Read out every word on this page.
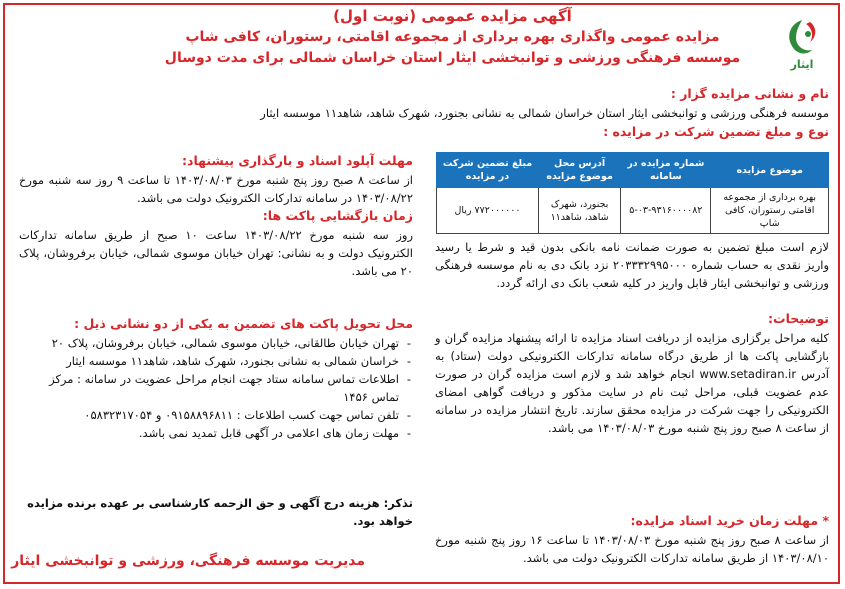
ایثار
آگهی مزایده عمومی (نوبت اول)
مزایده عمومی واگذاری بهره برداری از مجموعه اقامتی، رستوران، کافی شاپ
موسسه فرهنگی ورزشی و توانبخشی ایثار استان خراسان شمالی برای مدت دوسال
نام و نشانی مزایده گزار :
موسسه فرهنگی ورزشی و توانبخشی ایثار استان خراسان شمالی به نشانی بجنورد، شهرک شاهد، شاهد۱۱ موسسه ایثار
نوع و مبلغ تضمین شرکت در مزایده :
موضوع مزایده	شماره مزایده در سامانه	آدرس محل موضوع مزایده	مبلغ تضمین شرکت در مزایده
بهره برداری از مجموعه اقامتی رستوران، کافی شاپ	۵-۰۳-۹۳۱۶۰۰۰۰۸۲	بجنورد، شهرک شاهد، شاهد۱۱	۷۷۲۰۰۰۰۰۰ ریال
لازم است مبلغ تضمین به صورت ضمانت نامه بانکی بدون قید و شرط یا رسید واریز نقدی به حساب شماره ۲۰۳۳۳۲۹۹۵۰۰۰ نزد بانک دی به نام موسسه فرهنگی ورزشی و توانبخشی ایثار قابل واریز در کلیه شعب بانک دی ارائه گردد.
توضیحات:
کلیه مراحل برگزاری مزایده از دریافت اسناد مزایده تا ارائه پیشنهاد مزایده گران و بازگشایی پاکت ها از طریق درگاه سامانه تدارکات الکترونیکی دولت (ستاد) به آدرس www.setadiran.ir انجام خواهد شد و لازم است مزایده گران در صورت عدم عضویت قبلی، مراحل ثبت نام در سایت مذکور و دریافت گواهی امضای الکترونیکی را جهت شرکت در مزایده محقق سازند. تاریخ انتشار مزایده در سامانه از ساعت ۸ صبح روز پنج شنبه مورخ ۱۴۰۳/۰۸/۰۳ می باشد.
* مهلت زمان خرید اسناد مزایده:
از ساعت ۸ صبح روز پنج شنبه مورخ ۱۴۰۳/۰۸/۰۳ تا ساعت ۱۶ روز پنج شنبه مورخ ۱۴۰۳/۰۸/۱۰ از طریق سامانه تدارکات الکترونیک دولت می باشد.
مهلت آپلود اسناد و بارگذاری پیشنهاد:
از ساعت ۸ صبح روز پنج شنبه مورخ ۱۴۰۳/۰۸/۰۳ تا ساعت ۹ روز سه شنبه مورخ ۱۴۰۳/۰۸/۲۲ در سامانه تدارکات الکترونیک دولت می باشد.
زمان بازگشایی پاکت ها:
روز سه شنبه مورخ ۱۴۰۳/۰۸/۲۲ ساعت ۱۰ صبح از طریق سامانه تدارکات الکترونیک دولت و به نشانی: تهران خیابان موسوی شمالی، خیابان برفروشان، پلاک ۲۰ می باشد.
محل تحویل پاکت های تضمین به یکی از دو نشانی ذیل :
- تهران خیابان طالقانی، خیابان موسوی شمالی، خیابان برفروشان، پلاک ۲۰
- خراسان شمالی به نشانی بجنورد، شهرک شاهد، شاهد۱۱ موسسه ایثار
- اطلاعات تماس سامانه ستاد جهت انجام مراحل عضویت در سامانه : مرکز تماس ۱۴۵۶
- تلفن تماس جهت کسب اطلاعات : ۰۹۱۵۸۸۹۶۸۱۱ و ۰۵۸۳۲۳۱۷۰۵۴
- مهلت زمان های اعلامی در آگهی قابل تمدید نمی باشد.
تذکر: هزینه درج آگهی و حق الزحمه کارشناسی بر عهده برنده مزایده خواهد بود.
مدیریت موسسه فرهنگی، ورزشی و توانبخشی ایثار
